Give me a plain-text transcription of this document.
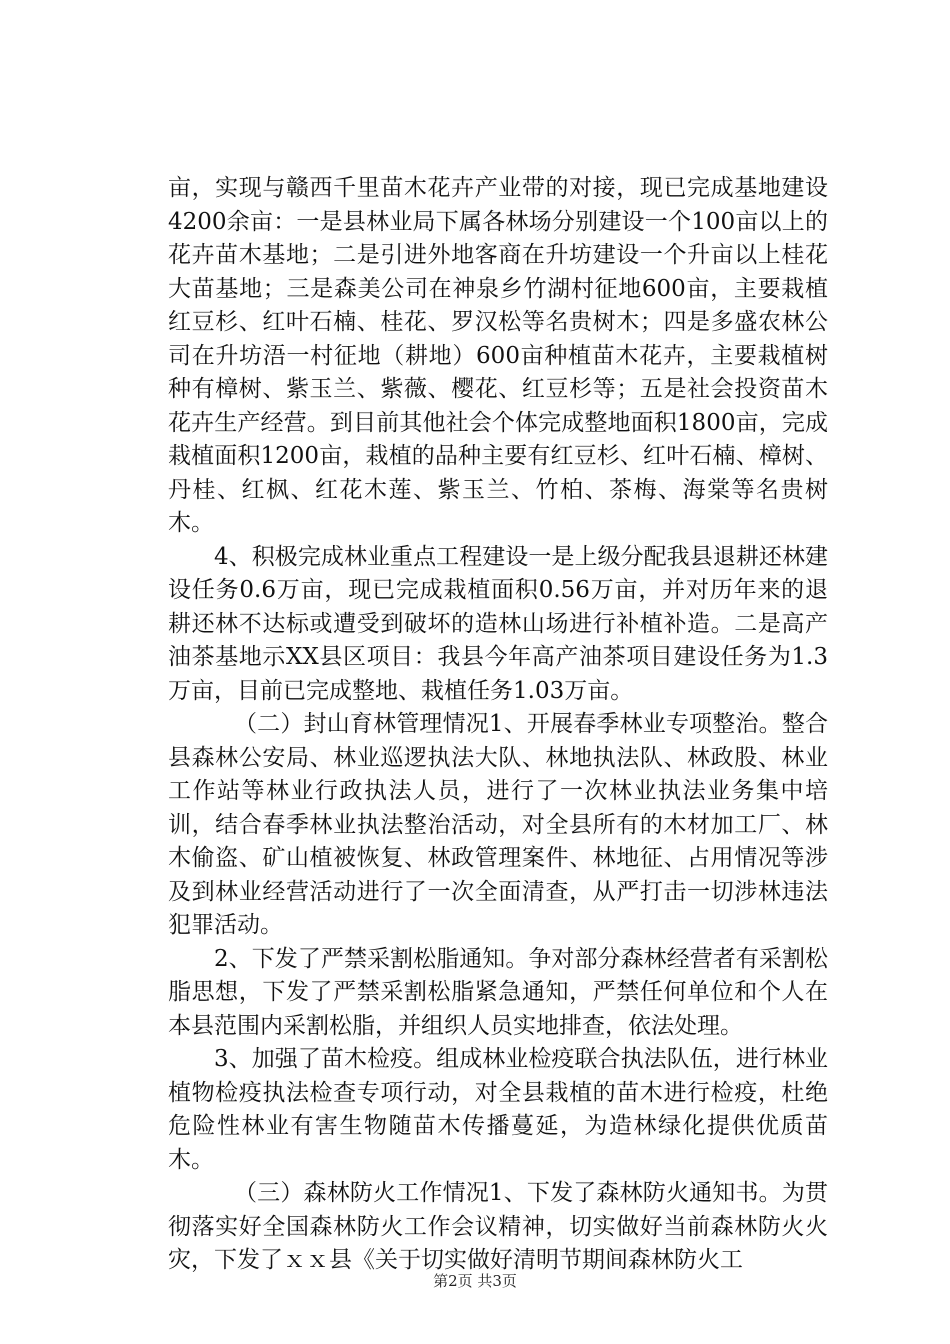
亩，实现与赣西千里苗木花卉产业带的对接，现已完成基地建设4200余亩：一是县林业局下属各林场分别建设一个100亩以上的花卉苗木基地；二是引进外地客商在升坊建设一个升亩以上桂花大苗基地；三是森美公司在神泉乡竹湖村征地600亩，主要栽植红豆杉、红叶石楠、桂花、罗汉松等名贵树木；四是多盛农林公司在升坊浯一村征地（耕地）600亩种植苗木花卉，主要栽植树种有樟树、紫玉兰、紫薇、樱花、红豆杉等；五是社会投资苗木花卉生产经营。到目前其他社会个体完成整地面积1800亩，完成栽植面积1200亩，栽植的品种主要有红豆杉、红叶石楠、樟树、丹桂、红枫、红花木莲、紫玉兰、竹柏、茶梅、海棠等名贵树木。

4、积极完成林业重点工程建设一是上级分配我县退耕还林建设任务0.6万亩，现已完成栽植面积0.56万亩，并对历年来的退耕还林不达标或遭受到破坏的造林山场进行补植补造。二是高产油茶基地示XX县区项目：我县今年高产油茶项目建设任务为1.3万亩，目前已完成整地、栽植任务1.03万亩。

（二）封山育林管理情况1、开展春季林业专项整治。整合县森林公安局、林业巡逻执法大队、林地执法队、林政股、林业工作站等林业行政执法人员，进行了一次林业执法业务集中培训，结合春季林业执法整治活动，对全县所有的木材加工厂、林木偷盗、矿山植被恢复、林政管理案件、林地征、占用情况等涉及到林业经营活动进行了一次全面清查，从严打击一切涉林违法犯罪活动。

2、下发了严禁采割松脂通知。争对部分森林经营者有采割松脂思想，下发了严禁采割松脂紧急通知，严禁任何单位和个人在本县范围内采割松脂，并组织人员实地排查，依法处理。

3、加强了苗木检疫。组成林业检疫联合执法队伍，进行林业植物检疫执法检查专项行动，对全县栽植的苗木进行检疫，杜绝危险性林业有害生物随苗木传播蔓延，为造林绿化提供优质苗木。

（三）森林防火工作情况1、下发了森林防火通知书。为贯彻落实好全国森林防火工作会议精神，切实做好当前森林防火火灾，下发了ｘｘ县《关于切实做好清明节期间森林防火工

第2页 共3页
